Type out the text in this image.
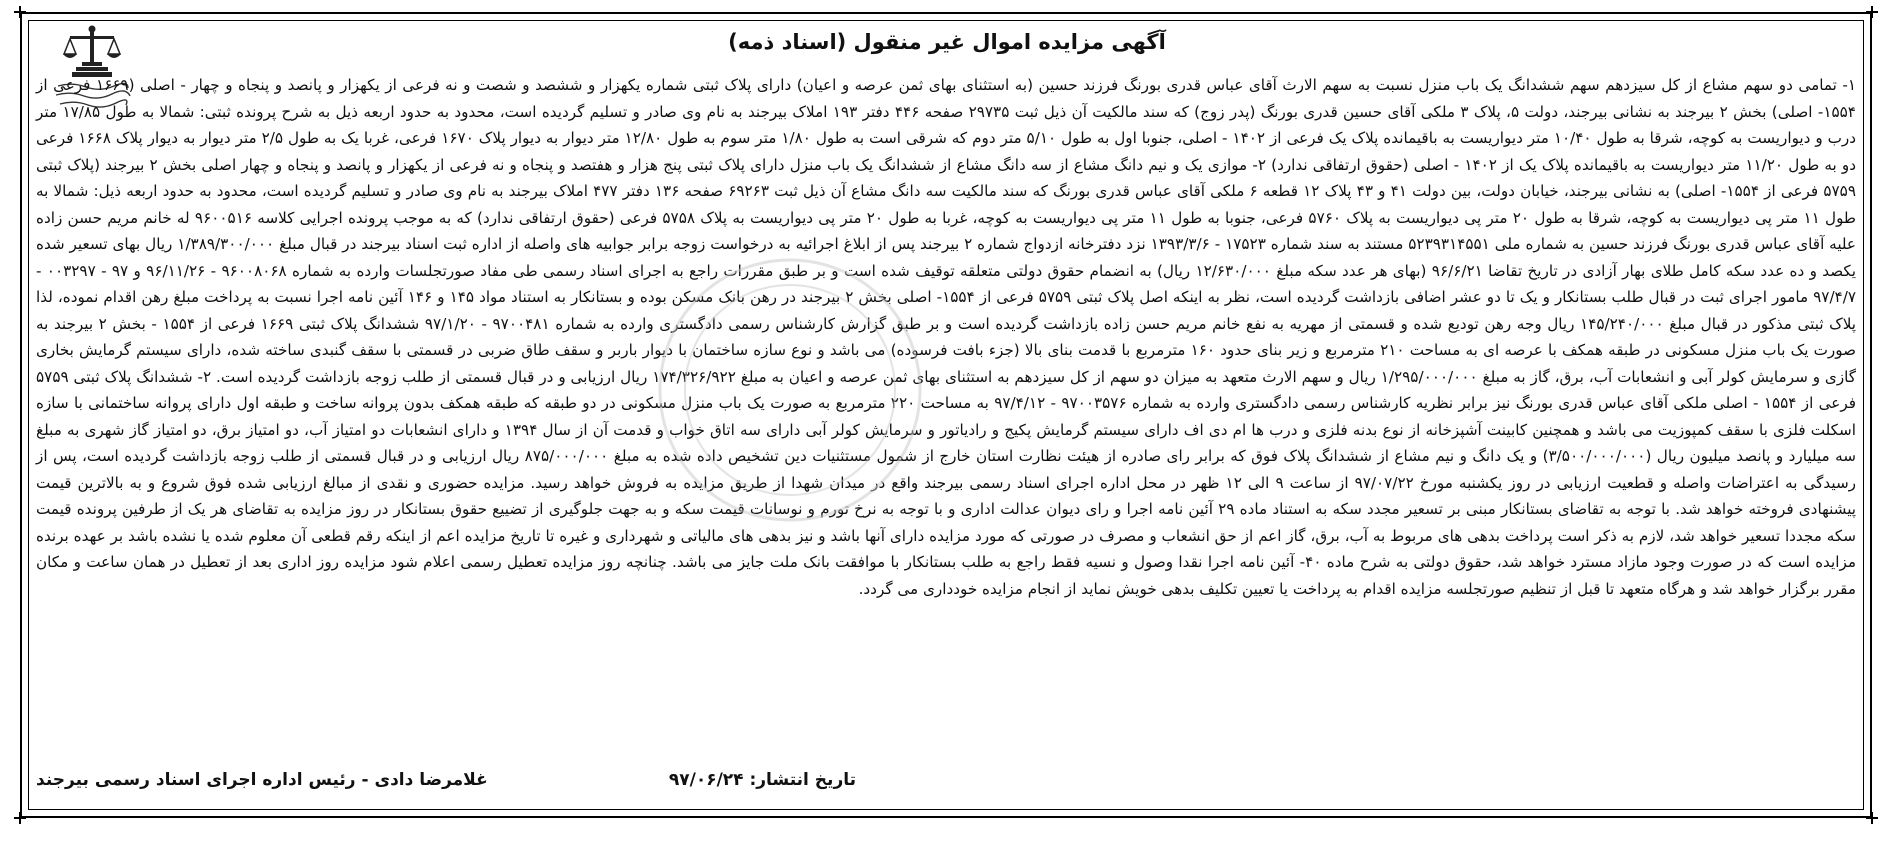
آگهی مزایده اموال غیر منقول (اسناد ذمه)

۱- تمامی دو سهم مشاع از کل سیزدهم سهم ششدانگ یک باب منزل نسبت به سهم الارث آقای عباس قدری بورنگ فرزند حسین (به استثنای بهای ثمن عرصه و اعیان) دارای پلاک ثبتی شماره یکهزار و ششصد و شصت و نه فرعی از یکهزار و پانصد و پنجاه و چهار - اصلی (۱۶۶۹ فرعی از ۱۵۵۴- اصلی) بخش ۲ بیرجند به نشانی بیرجند، دولت ۵، پلاک ۳ ملکی آقای حسین قدری بورنگ (پدر زوج) که سند مالکیت آن ذیل ثبت ۲۹۷۳۵ صفحه ۴۴۶ دفتر ۱۹۳ املاک بیرجند به نام وی صادر و تسلیم گردیده است، محدود به حدود اربعه ذیل به شرح پرونده ثبتی: شمالا به طول ۱۷/۸۵ متر درب و دیواریست به کوچه، شرقا به طول ۱۰/۴۰ متر دیواریست به باقیمانده پلاک یک فرعی از ۱۴۰۲ - اصلی، جنوبا اول به طول ۵/۱۰ متر دوم که شرقی است به طول ۱/۸۰ متر سوم به طول ۱۲/۸۰ متر دیوار به دیوار پلاک ۱۶۷۰ فرعی، غربا یک به طول ۲/۵ متر دیوار به دیوار پلاک ۱۶۶۸ فرعی دو به طول ۱۱/۲۰ متر دیواریست به باقیمانده پلاک یک از ۱۴۰۲ - اصلی (حقوق ارتفاقی ندارد) ۲- موازی یک و نیم دانگ مشاع از سه دانگ مشاع از ششدانگ یک باب منزل دارای پلاک ثبتی پنج هزار و هفتصد و پنجاه و نه فرعی از یکهزار و پانصد و پنجاه و چهار اصلی بخش ۲ بیرجند (پلاک ثبتی ۵۷۵۹ فرعی از ۱۵۵۴- اصلی) به نشانی بیرجند، خیابان دولت، بین دولت ۴۱ و ۴۳ پلاک ۱۲ قطعه ۶ ملکی آقای عباس قدری بورنگ که سند مالکیت سه دانگ مشاع آن ذیل ثبت ۶۹۲۶۳ صفحه ۱۳۶ دفتر ۴۷۷ املاک بیرجند به نام وی صادر و تسلیم گردیده است، محدود به حدود اربعه ذیل: شمالا به طول ۱۱ متر پی دیواریست به کوچه، شرقا به طول ۲۰ متر پی دیواریست به پلاک ۵۷۶۰ فرعی، جنوبا به طول ۱۱ متر پی دیواریست به کوچه، غربا به طول ۲۰ متر پی دیواریست به پلاک ۵۷۵۸ فرعی (حقوق ارتفاقی ندارد) که به موجب پرونده اجرایی کلاسه ۹۶۰۰۵۱۶ له خانم مریم حسن زاده علیه آقای عباس قدری بورنگ فرزند حسین به شماره ملی ۵۲۳۹۳۱۴۵۵۱ مستند به سند شماره ۱۷۵۲۳ - ۱۳۹۳/۳/۶ نزد دفترخانه ازدواج شماره ۲ بیرجند پس از ابلاغ اجرائیه به درخواست زوجه برابر جوابیه های واصله از اداره ثبت اسناد بیرجند در قبال مبلغ ۱/۳۸۹/۳۰۰/۰۰۰ ریال بهای تسعیر شده یکصد و ده عدد سکه کامل طلای بهار آزادی در تاریخ تقاضا ۹۶/۶/۲۱ (بهای هر عدد سکه مبلغ ۱۲/۶۳۰/۰۰۰ ریال) به انضمام حقوق دولتی متعلقه توقیف شده است و بر طبق مقررات راجع به اجرای اسناد رسمی طی مفاد صورتجلسات وارده به شماره ۹۶۰۰۸۰۶۸ - ۹۶/۱۱/۲۶ و ۹۷ - ۰۰۳۲۹۷ - ۹۷/۴/۷ مامور اجرای ثبت در قبال طلب بستانکار و یک تا دو عشر اضافی بازداشت گردیده است، نظر به اینکه اصل پلاک ثبتی ۵۷۵۹ فرعی از ۱۵۵۴- اصلی بخش ۲ بیرجند در رهن بانک مسکن بوده و بستانکار به استناد مواد ۱۴۵ و ۱۴۶ آئین نامه اجرا نسبت به پرداخت مبلغ رهن اقدام نموده، لذا پلاک ثبتی مذکور در قبال مبلغ ۱۴۵/۲۴۰/۰۰۰ ریال وجه رهن تودیع شده و قسمتی از مهریه به نفع خانم مریم حسن زاده بازداشت گردیده است و بر طبق گزارش کارشناس رسمی دادگستری وارده به شماره ۹۷۰۰۴۸۱ - ۹۷/۱/۲۰ ششدانگ پلاک ثبتی ۱۶۶۹ فرعی از ۱۵۵۴ - بخش ۲ بیرجند به صورت یک باب منزل مسکونی در طبقه همکف با عرصه ای به مساحت ۲۱۰ مترمربع و زیر بنای حدود ۱۶۰ مترمربع با قدمت بنای بالا (جزء بافت فرسوده) می باشد و نوع سازه ساختمان با دیوار باربر و سقف طاق ضربی در قسمتی با سقف گنبدی ساخته شده، دارای سیستم گرمایش بخاری گازی و سرمایش کولر آبی و انشعابات آب، برق، گاز به مبلغ ۱/۲۹۵/۰۰۰/۰۰۰ ریال و سهم الارث متعهد به میزان دو سهم از کل سیزدهم به استثنای بهای ثمن عرصه و اعیان به مبلغ ۱۷۴/۳۲۶/۹۲۲ ریال ارزیابی و در قبال قسمتی از طلب زوجه بازداشت گردیده است. ۲- ششدانگ پلاک ثبتی ۵۷۵۹ فرعی از ۱۵۵۴ - اصلی ملکی آقای عباس قدری بورنگ نیز برابر نظریه کارشناس رسمی دادگستری وارده به شماره ۹۷۰۰۳۵۷۶ - ۹۷/۴/۱۲ به مساحت ۲۲۰ مترمربع به صورت یک باب منزل مسکونی در دو طبقه که طبقه همکف بدون پروانه ساخت و طبقه اول دارای پروانه ساختمانی با سازه اسکلت فلزی با سقف کمپوزیت می باشد و همچنین کابینت آشپزخانه از نوع بدنه فلزی و درب ها ام دی اف دارای سیستم گرمایش پکیج و رادیاتور و سرمایش کولر آبی دارای سه اتاق خواب و قدمت آن از سال ۱۳۹۴ و دارای انشعابات دو امتیاز آب، دو امتیاز برق، دو امتیاز گاز شهری به مبلغ سه میلیارد و پانصد میلیون ریال (۳/۵۰۰/۰۰۰/۰۰۰) و یک دانگ و نیم مشاع از ششدانگ پلاک فوق که برابر رای صادره از هیئت نظارت استان خارج از شمول مستثنیات دین تشخیص داده شده به مبلغ ۸۷۵/۰۰۰/۰۰۰ ریال ارزیابی و در قبال قسمتی از طلب زوجه بازداشت گردیده است، پس از رسیدگی به اعتراضات واصله و قطعیت ارزیابی در روز یکشنبه مورخ ۹۷/۰۷/۲۲ از ساعت ۹ الی ۱۲ ظهر در محل اداره اجرای اسناد رسمی بیرجند واقع در میدان شهدا از طریق مزایده به فروش خواهد رسید. مزایده حضوری و نقدی از مبالغ ارزیابی شده فوق شروع و به بالاترین قیمت پیشنهادی فروخته خواهد شد. با توجه به تقاضای بستانکار مبنی بر تسعیر مجدد سکه به استناد ماده ۲۹ آئین نامه اجرا و رای دیوان عدالت اداری و با توجه به نرخ تورم و نوسانات قیمت سکه و به جهت جلوگیری از تضییع حقوق بستانکار در روز مزایده به تقاضای هر یک از طرفین پرونده قیمت سکه مجددا تسعیر خواهد شد، لازم به ذکر است پرداخت بدهی های مربوط به آب، برق، گاز اعم از حق انشعاب و مصرف در صورتی که مورد مزایده دارای آنها باشد و نیز بدهی های مالیاتی و شهرداری و غیره تا تاریخ مزایده اعم از اینکه رقم قطعی آن معلوم شده یا نشده باشد بر عهده برنده مزایده است که در صورت وجود مازاد مسترد خواهد شد، حقوق دولتی به شرح ماده ۴۰- آئین نامه اجرا نقدا وصول و نسیه فقط راجع به طلب بستانکار با موافقت بانک ملت جایز می باشد. چنانچه روز مزایده تعطیل رسمی اعلام شود مزایده روز اداری بعد از تعطیل در همان ساعت و مکان مقرر برگزار خواهد شد و هرگاه متعهد تا قبل از تنظیم صورتجلسه مزایده اقدام به پرداخت یا تعیین تکلیف بدهی خویش نماید از انجام مزایده خودداری می گردد.

تاریخ انتشار: ۹۷/۰۶/۲۴
غلامرضا دادی - رئیس اداره اجرای اسناد رسمی بیرجند
